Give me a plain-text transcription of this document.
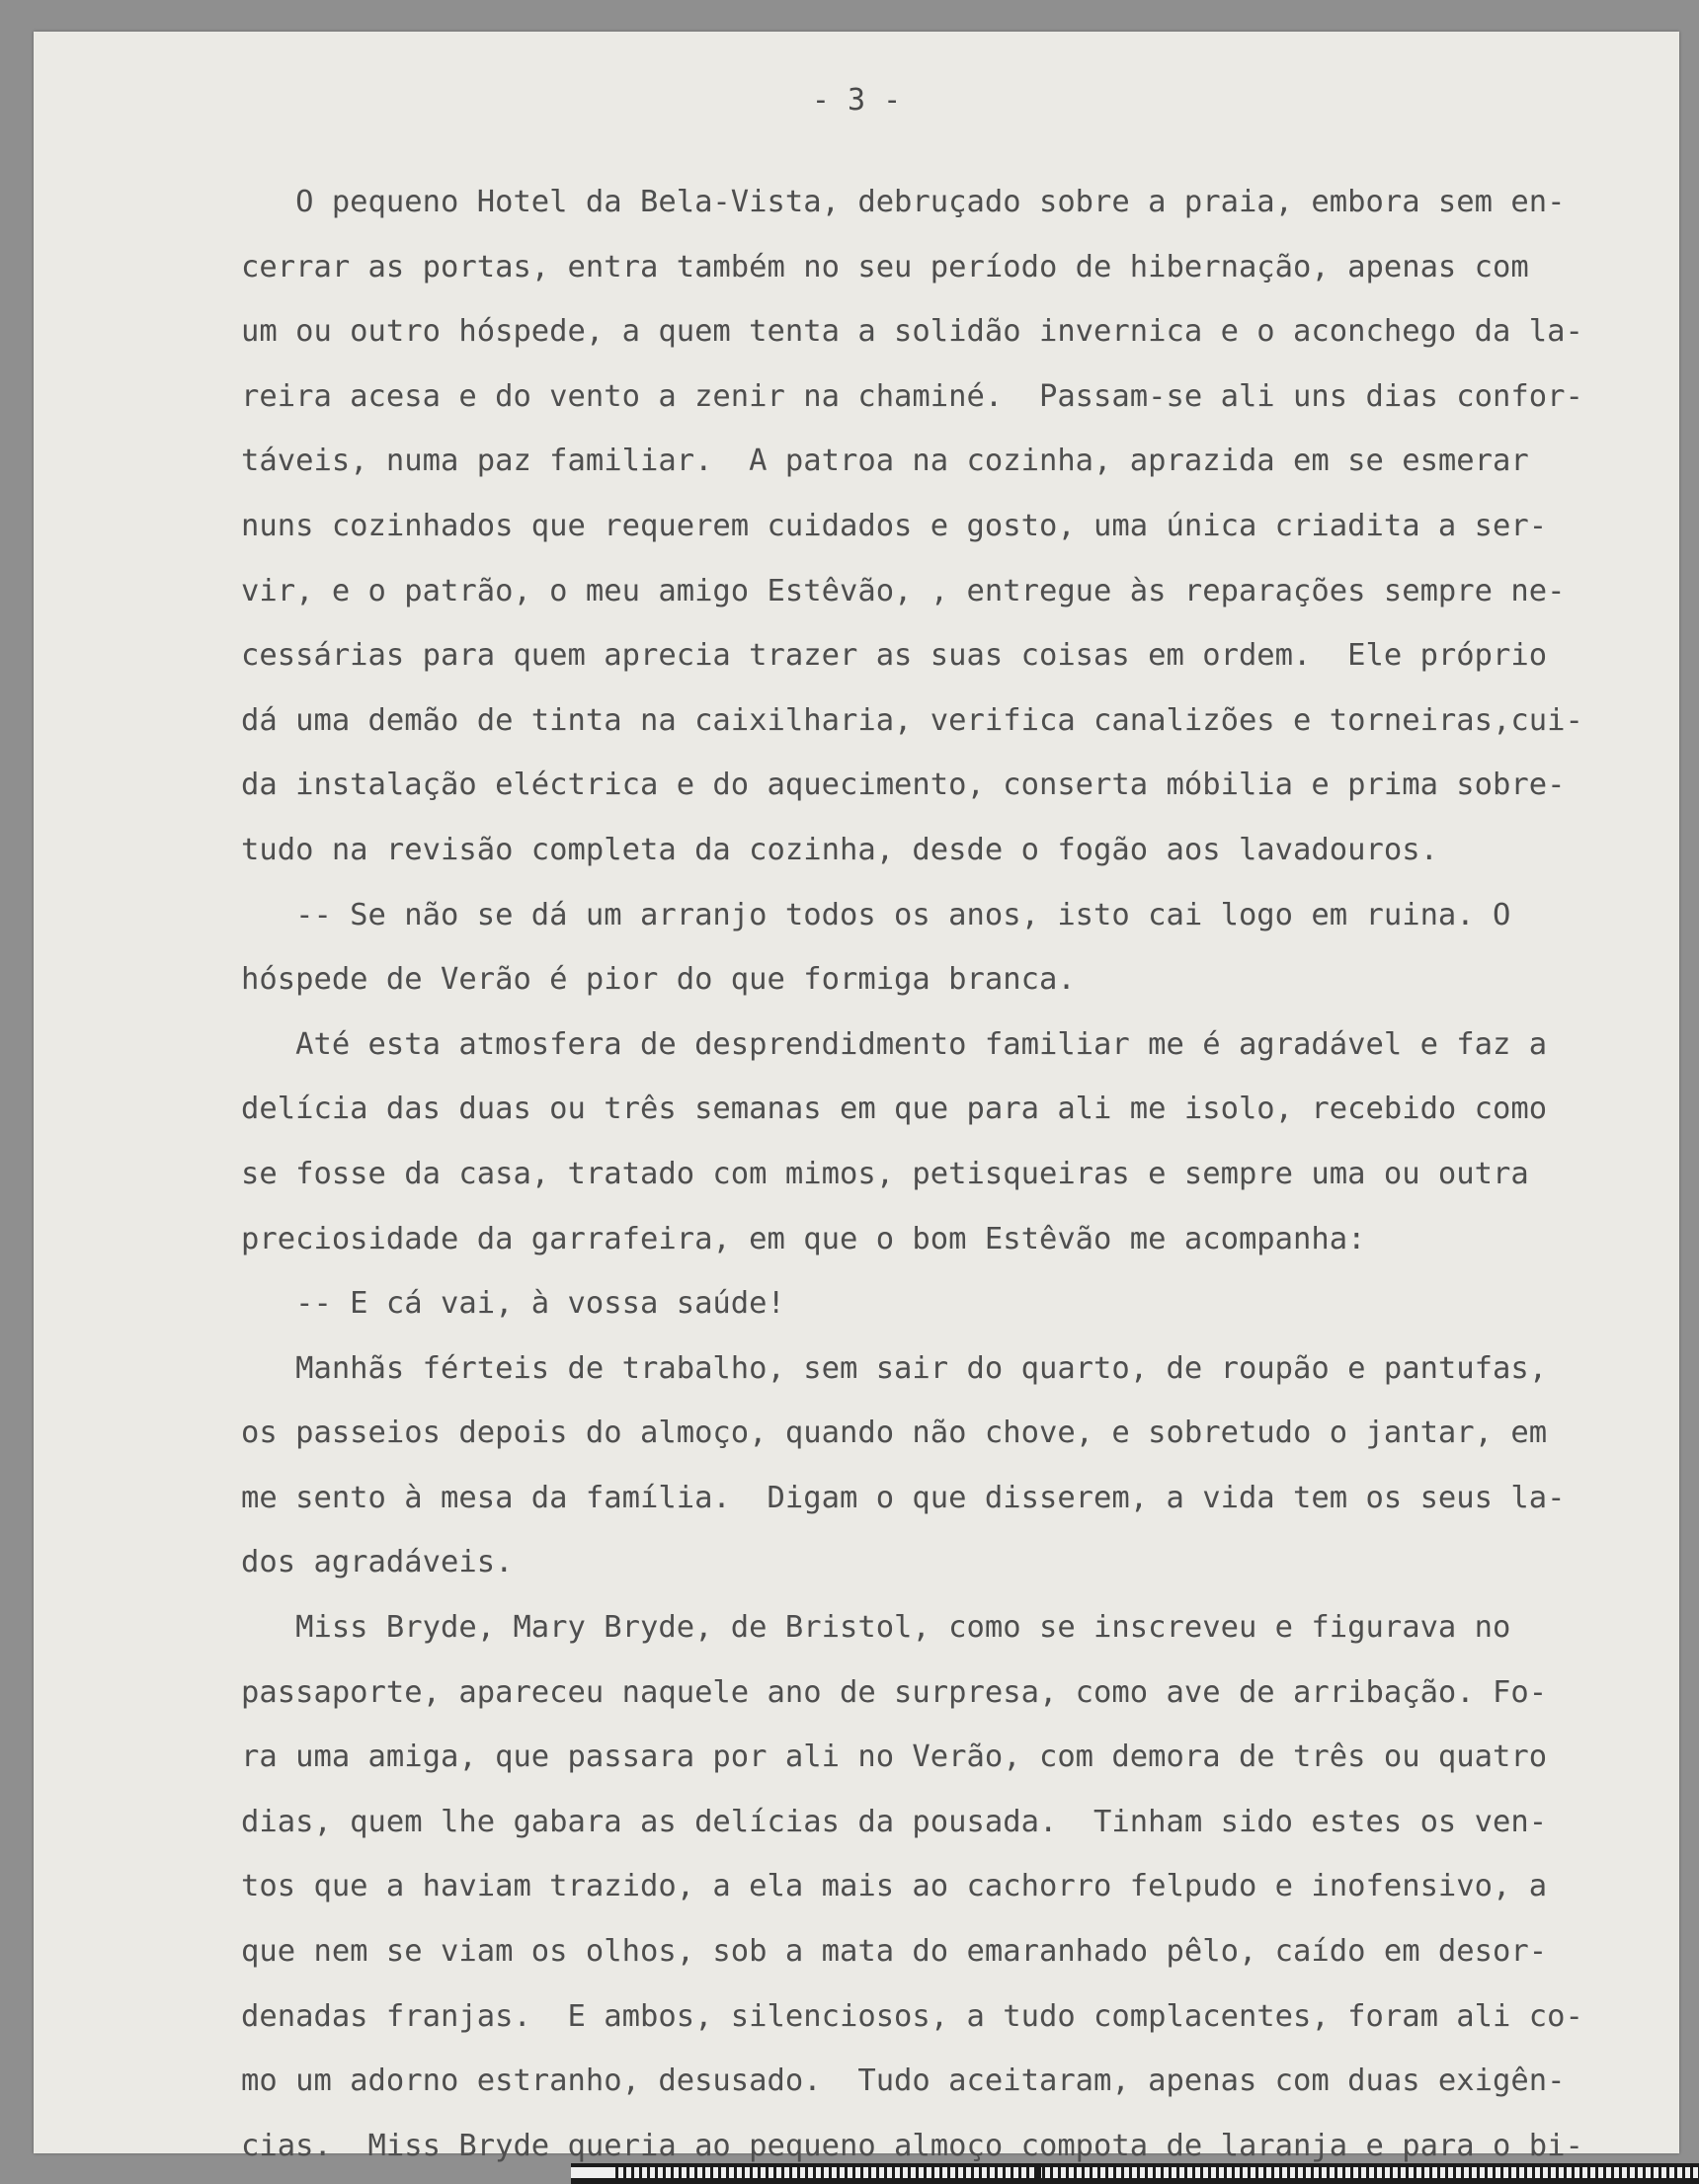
- 3 -
O pequeno Hotel da Bela-Vista, debruçado sobre a praia, embora sem en-
cerrar as portas, entra também no seu período de hibernação, apenas com
um ou outro hóspede, a quem tenta a solidão invernica e o aconchego da la-
reira acesa e do vento a zenir na chaminé.  Passam-se ali uns dias confor-
táveis, numa paz familiar.  A patroa na cozinha, aprazida em se esmerar
nuns cozinhados que requerem cuidados e gosto, uma única criadita a ser-
vir, e o patrão, o meu amigo Estêvão, , entregue às reparações sempre ne-
cessárias para quem aprecia trazer as suas coisas em ordem.  Ele próprio
dá uma demão de tinta na caixilharia, verifica canalizões e torneiras,cui-
da instalação eléctrica e do aquecimento, conserta móbilia e prima sobre-
tudo na revisão completa da cozinha, desde o fogão aos lavadouros.
-- Se não se dá um arranjo todos os anos, isto cai logo em ruina. O
hóspede de Verão é pior do que formiga branca.
Até esta atmosfera de desprendidmento familiar me é agradável e faz a
delícia das duas ou três semanas em que para ali me isolo, recebido como
se fosse da casa, tratado com mimos, petisqueiras e sempre uma ou outra
preciosidade da garrafeira, em que o bom Estêvão me acompanha:
-- E cá vai, à vossa saúde!
Manhãs férteis de trabalho, sem sair do quarto, de roupão e pantufas,
os passeios depois do almoço, quando não chove, e sobretudo o jantar, em
me sento à mesa da família.  Digam o que disserem, a vida tem os seus la-
dos agradáveis.
Miss Bryde, Mary Bryde, de Bristol, como se inscreveu e figurava no
passaporte, apareceu naquele ano de surpresa, como ave de arribação. Fo-
ra uma amiga, que passara por ali no Verão, com demora de três ou quatro
dias, quem lhe gabara as delícias da pousada.  Tinham sido estes os ven-
tos que a haviam trazido, a ela mais ao cachorro felpudo e inofensivo, a
que nem se viam os olhos, sob a mata do emaranhado pêlo, caído em desor-
denadas franjas.  E ambos, silenciosos, a tudo complacentes, foram ali co-
mo um adorno estranho, desusado.  Tudo aceitaram, apenas com duas exigên-
cias.  Miss Bryde queria ao pequeno almoço compota de laranja e para o bi-
